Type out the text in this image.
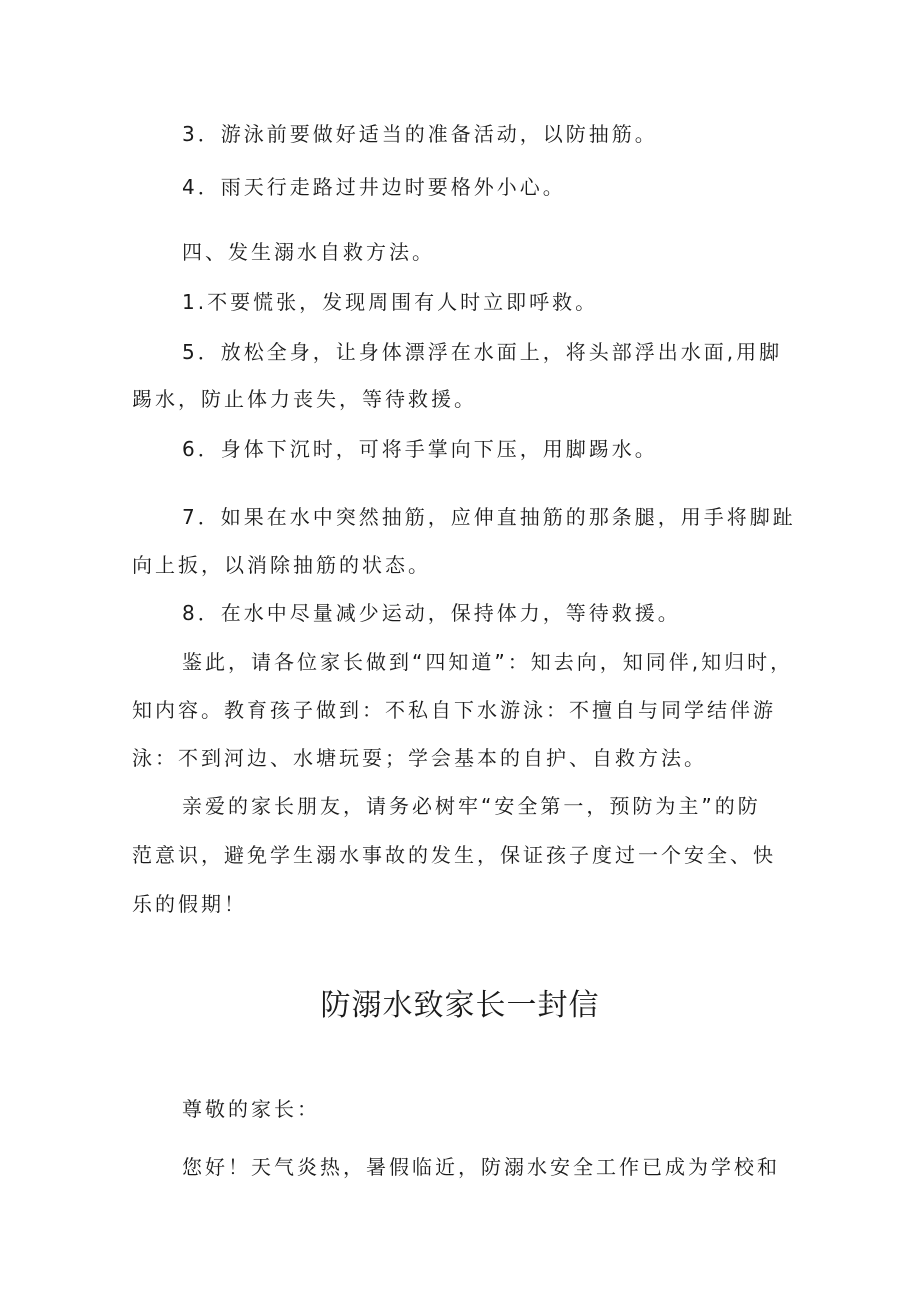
3．游泳前要做好适当的准备活动，以防抽筋。
4．雨天行走路过井边时要格外小心。
四、发生溺水自救方法。
1.不要慌张，发现周围有人时立即呼救。
5．放松全身，让身体漂浮在水面上，将头部浮出水面,用脚
踢水，防止体力丧失，等待救援。
6．身体下沉时，可将手掌向下压，用脚踢水。
7．如果在水中突然抽筋，应伸直抽筋的那条腿，用手将脚趾
向上扳，以消除抽筋的状态。
8．在水中尽量减少运动，保持体力，等待救援。
鉴此，请各位家长做到“四知道”：知去向，知同伴,知归时，
知内容。教育孩子做到：不私自下水游泳：不擅自与同学结伴游
泳：不到河边、水塘玩耍；学会基本的自护、自救方法。
亲爱的家长朋友，请务必树牢“安全第一，预防为主”的防
范意识，避免学生溺水事故的发生，保证孩子度过一个安全、快
乐的假期！
防溺水致家长一封信
尊敬的家长：
您好！天气炎热，暑假临近，防溺水安全工作已成为学校和
